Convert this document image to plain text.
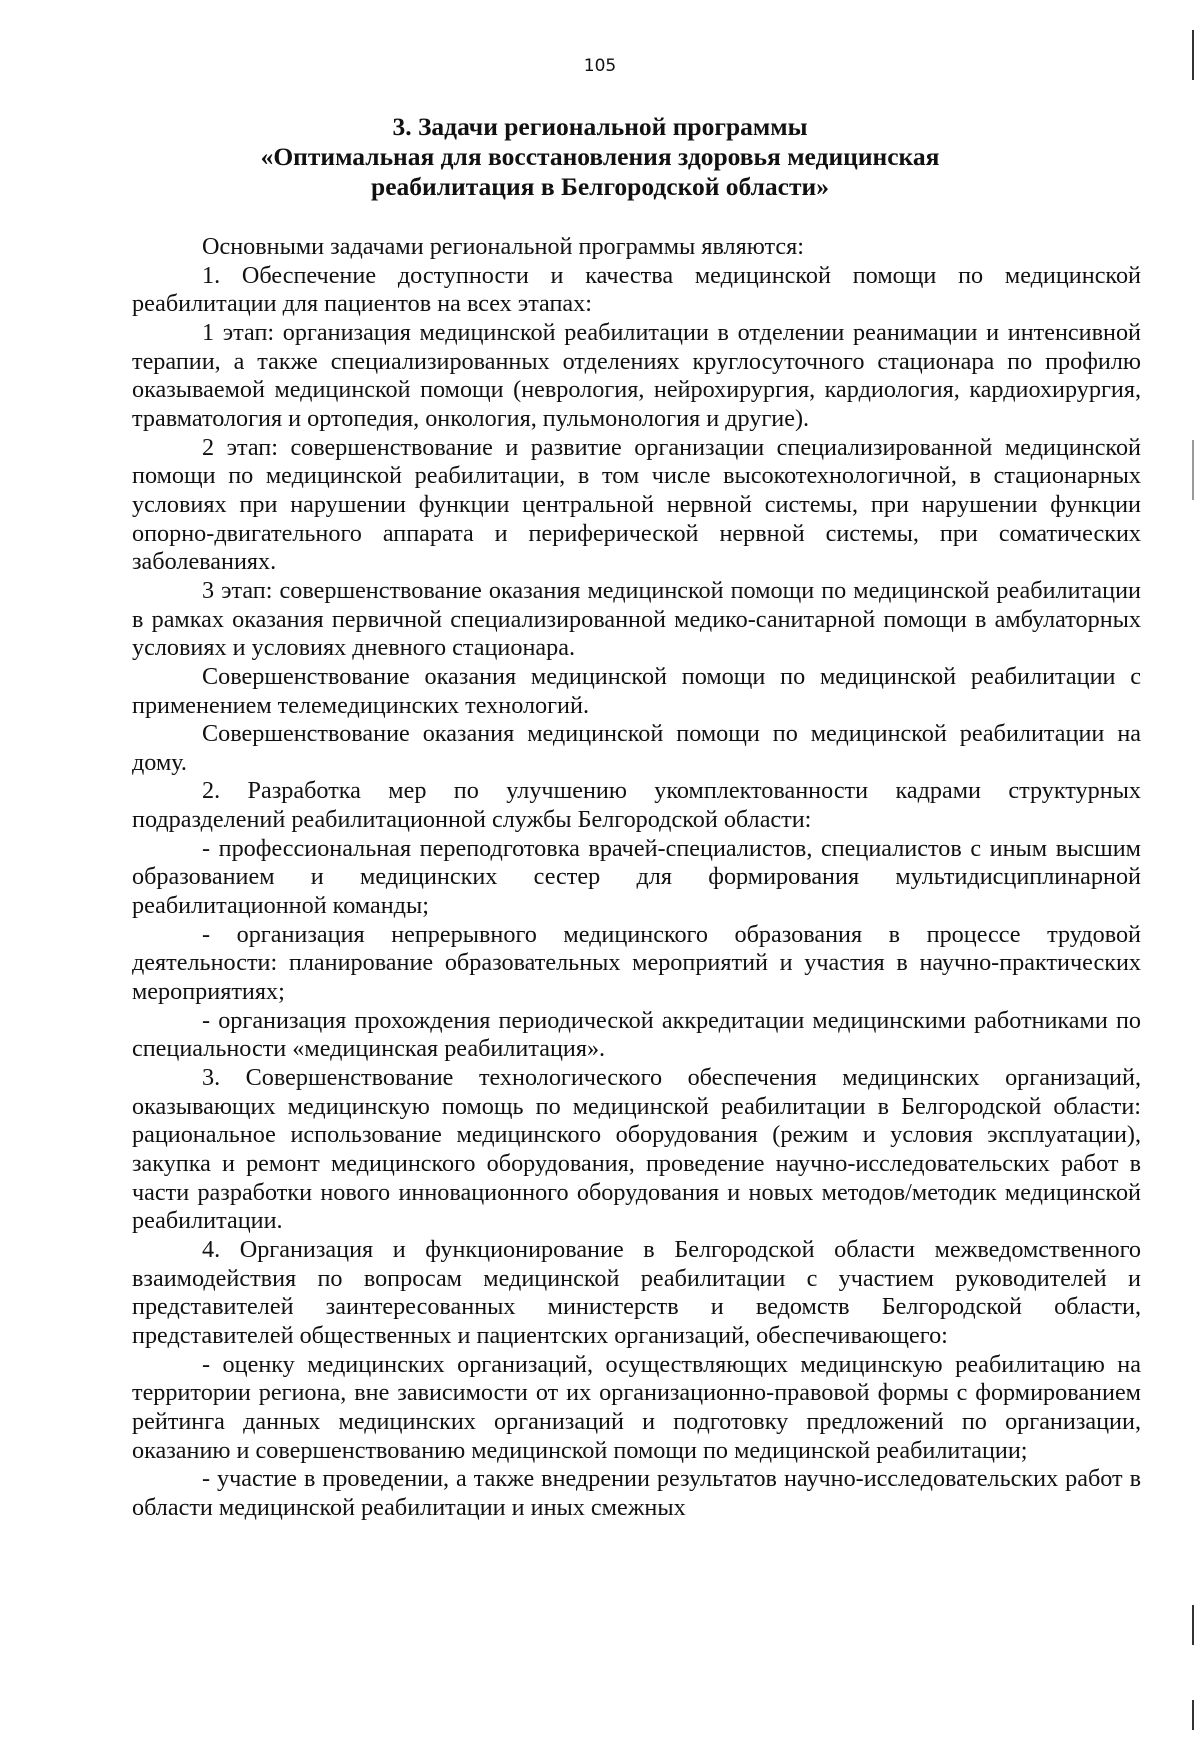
105
3. Задачи региональной программы
«Оптимальная для восстановления здоровья медицинская
реабилитация в Белгородской области»

Основными задачами региональной программы являются:

1. Обеспечение доступности и качества медицинской помощи по медицинской реабилитации для пациентов на всех этапах:

1 этап: организация медицинской реабилитации в отделении реанимации и интенсивной терапии, а также специализированных отделениях круглосуточного стационара по профилю оказываемой медицинской помощи (неврология, нейрохирургия, кардиология, кардиохирургия, травматология и ортопедия, онкология, пульмонология и другие).

2 этап: совершенствование и развитие организации специализированной медицинской помощи по медицинской реабилитации, в том числе высокотехнологичной, в стационарных условиях при нарушении функции центральной нервной системы, при нарушении функции опорно-двигательного аппарата и периферической нервной системы, при соматических заболеваниях.

3 этап: совершенствование оказания медицинской помощи по медицинской реабилитации в рамках оказания первичной специализированной медико-санитарной помощи в амбулаторных условиях и условиях дневного стационара.

Совершенствование оказания медицинской помощи по медицинской реабилитации с применением телемедицинских технологий.

Совершенствование оказания медицинской помощи по медицинской реабилитации на дому.

2. Разработка мер по улучшению укомплектованности кадрами структурных подразделений реабилитационной службы Белгородской области:

- профессиональная переподготовка врачей-специалистов, специалистов с иным высшим образованием и медицинских сестер для формирования мультидисциплинарной реабилитационной команды;

- организация непрерывного медицинского образования в процессе трудовой деятельности: планирование образовательных мероприятий и участия в научно-практических мероприятиях;

- организация прохождения периодической аккредитации медицинскими работниками по специальности «медицинская реабилитация».

3. Совершенствование технологического обеспечения медицинских организаций, оказывающих медицинскую помощь по медицинской реабилитации в Белгородской области: рациональное использование медицинского оборудования (режим и условия эксплуатации), закупка и ремонт медицинского оборудования, проведение научно-исследовательских работ в части разработки нового инновационного оборудования и новых методов/методик медицинской реабилитации.

4. Организация и функционирование в Белгородской области межведомственного взаимодействия по вопросам медицинской реабилитации с участием руководителей и представителей заинтересованных министерств и ведомств Белгородской области, представителей общественных и пациентских организаций, обеспечивающего:

- оценку медицинских организаций, осуществляющих медицинскую реабилитацию на территории региона, вне зависимости от их организационно-правовой формы с формированием рейтинга данных медицинских организаций и подготовку предложений по организации, оказанию и совершенствованию медицинской помощи по медицинской реабилитации;

- участие в проведении, а также внедрении результатов научно-исследовательских работ в области медицинской реабилитации и иных смежных
